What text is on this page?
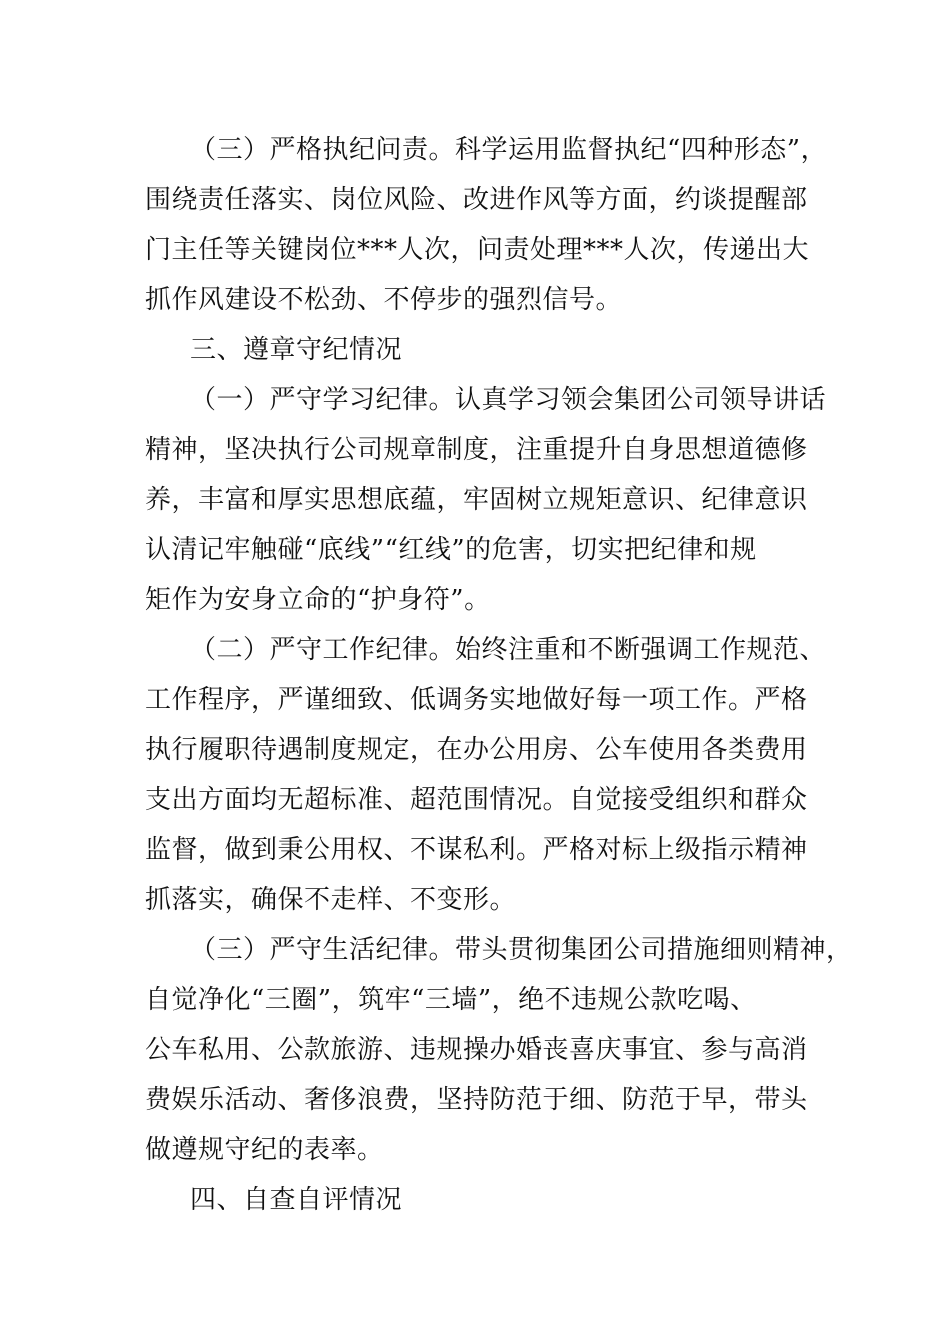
（三）严格执纪问责。科学运用监督执纪“四种形态”，
围绕责任落实、岗位风险、改进作风等方面，约谈提醒部
门主任等关键岗位***人次，问责处理***人次，传递出大
抓作风建设不松劲、不停步的强烈信号。
三、遵章守纪情况
（一）严守学习纪律。认真学习领会集团公司领导讲话
精神，坚决执行公司规章制度，注重提升自身思想道德修
养，丰富和厚实思想底蕴，牢固树立规矩意识、纪律意识
认清记牢触碰“底线”“红线”的危害，切实把纪律和规
矩作为安身立命的“护身符”。
（二）严守工作纪律。始终注重和不断强调工作规范、
工作程序，严谨细致、低调务实地做好每一项工作。严格
执行履职待遇制度规定，在办公用房、公车使用各类费用
支出方面均无超标准、超范围情况。自觉接受组织和群众
监督，做到秉公用权、不谋私利。严格对标上级指示精神
抓落实，确保不走样、不变形。
（三）严守生活纪律。带头贯彻集团公司措施细则精神，
自觉净化“三圈”，筑牢“三墙”，绝不违规公款吃喝、
公车私用、公款旅游、违规操办婚丧喜庆事宜、参与高消
费娱乐活动、奢侈浪费，坚持防范于细、防范于早，带头
做遵规守纪的表率。
四、自查自评情况
